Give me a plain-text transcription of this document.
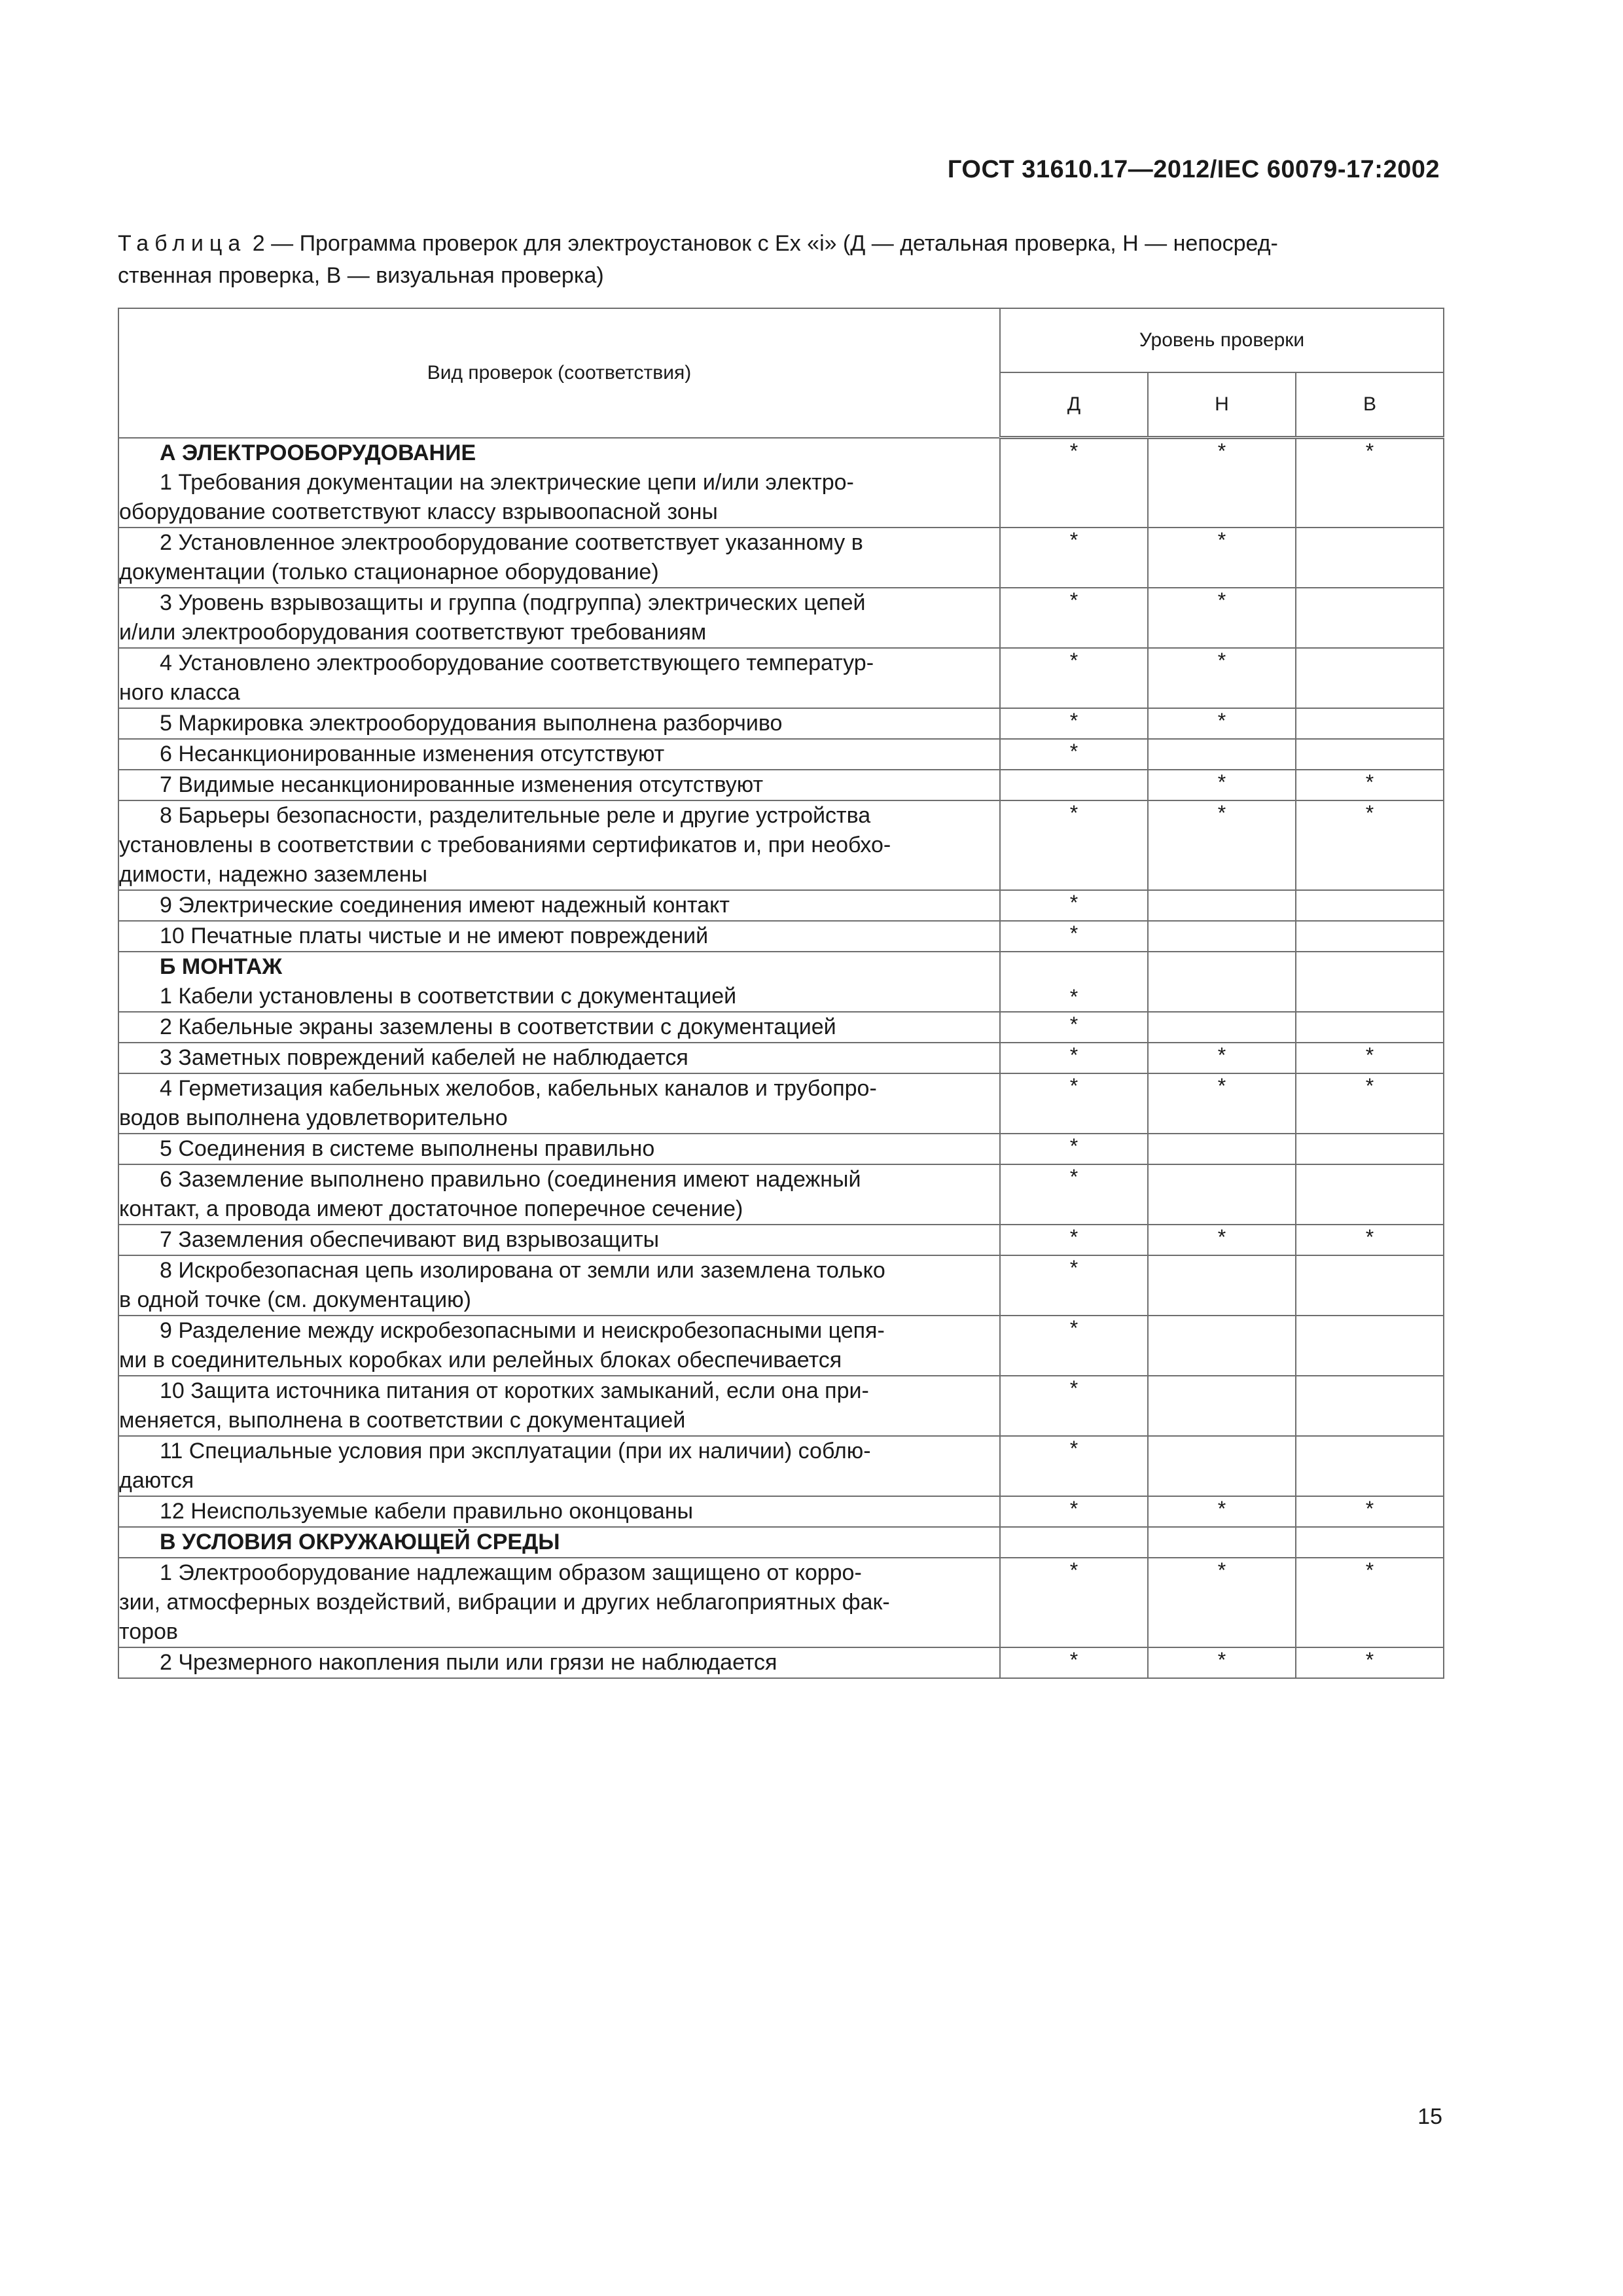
ГОСТ 31610.17—2012/IEC 60079-17:2002
Таблица 2 — Программа проверок для электроустановок с Ex «i» (Д — детальная проверка, Н — непосред-
ственная проверка, В — визуальная проверка)
Вид проверок (соответствия)	Уровень проверки		
	Д	Н	В

А ЭЛЕКТРООБОРУДОВАНИЕ
1 Требования документации на электрические цепи и/или электро-
оборудование соответствуют классу взрывоопасной зоны	*	*	*

2 Установленное электрооборудование соответствует указанному в
документации (только стационарное оборудование)	*	*	

3 Уровень взрывозащиты и группа (подгруппа) электрических цепей
и/или электрооборудования соответствуют требованиям	*	*	

4 Установлено электрооборудование соответствующего температур-
ного класса	*	*	

5 Маркировка электрооборудования выполнена разборчиво	*	*	

6 Несанкционированные изменения отсутствуют	*		

7 Видимые несанкционированные изменения отсутствуют		*	*

8 Барьеры безопасности, разделительные реле и другие устройства
установлены в соответствии с требованиями сертификатов и, при необхо-
димости, надежно заземлены	*	*	*

9 Электрические соединения имеют надежный контакт	*		

10 Печатные платы чистые и не имеют повреждений	*		

Б МОНТАЖ
1 Кабели установлены в соответствии с документацией	*		

2 Кабельные экраны заземлены в соответствии с документацией	*		

3 Заметных повреждений кабелей не наблюдается	*	*	*

4 Герметизация кабельных желобов, кабельных каналов и трубопро-
водов выполнена удовлетворительно	*	*	*

5 Соединения в системе выполнены правильно	*		

6 Заземление выполнено правильно (соединения имеют надежный
контакт, а провода имеют достаточное поперечное сечение)	*		

7 Заземления обеспечивают вид взрывозащиты	*	*	*

8 Искробезопасная цепь изолирована от земли или заземлена только
в одной точке (см. документацию)	*		

9 Разделение между искробезопасными и неискробезопасными цепя-
ми в соединительных коробках или релейных блоках обеспечивается	*		

10 Защита источника питания от коротких замыканий, если она при-
меняется, выполнена в соответствии с документацией	*		

11 Специальные условия при эксплуатации (при их наличии) соблю-
даются	*		

12 Неиспользуемые кабели правильно оконцованы	*	*	*

В УСЛОВИЯ ОКРУЖАЮЩЕЙ СРЕДЫ			

1 Электрооборудование надлежащим образом защищено от корро-
зии, атмосферных воздействий, вибрации и других неблагоприятных фак-
торов	*	*	*

2 Чрезмерного накопления пыли или грязи не наблюдается	*	*	*
15
